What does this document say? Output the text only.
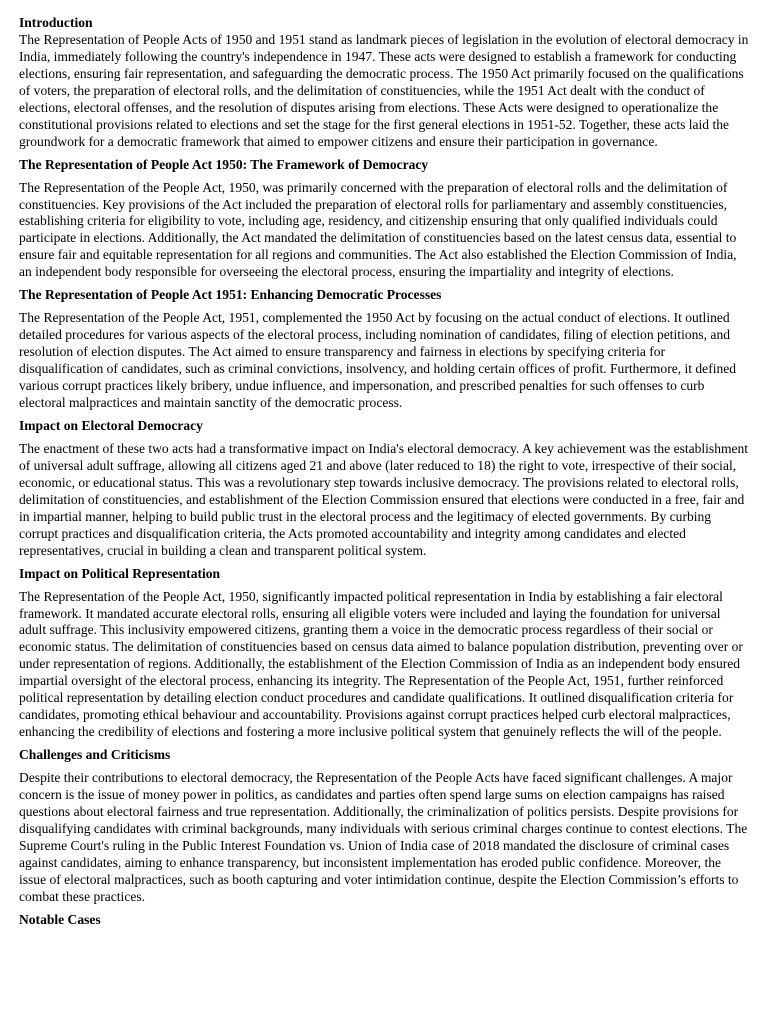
Introduction
The Representation of People Acts of 1950 and 1951 stand as landmark pieces of legislation in the evolution of electoral democracy in India, immediately following the country's independence in 1947. These acts were designed to establish a framework for conducting elections, ensuring fair representation, and safeguarding the democratic process. The 1950 Act primarily focused on the qualifications of voters, the preparation of electoral rolls, and the delimitation of constituencies, while the 1951 Act dealt with the conduct of elections, electoral offenses, and the resolution of disputes arising from elections. These Acts were designed to operationalize the constitutional provisions related to elections and set the stage for the first general elections in 1951-52. Together, these acts laid the groundwork for a democratic framework that aimed to empower citizens and ensure their participation in governance.
The Representation of People Act 1950: The Framework of Democracy
The Representation of the People Act, 1950, was primarily concerned with the preparation of electoral rolls and the delimitation of constituencies. Key provisions of the Act included the preparation of electoral rolls for parliamentary and assembly constituencies, establishing criteria for eligibility to vote, including age, residency, and citizenship ensuring that only qualified individuals could participate in elections. Additionally, the Act mandated the delimitation of constituencies based on the latest census data, essential to ensure fair and equitable representation for all regions and communities. The Act also established the Election Commission of India, an independent body responsible for overseeing the electoral process, ensuring the impartiality and integrity of elections.
The Representation of People Act 1951: Enhancing Democratic Processes
The Representation of the People Act, 1951, complemented the 1950 Act by focusing on the actual conduct of elections. It outlined detailed procedures for various aspects of the electoral process, including nomination of candidates, filing of election petitions, and resolution of election disputes. The Act aimed to ensure transparency and fairness in elections by specifying criteria for disqualification of candidates, such as criminal convictions, insolvency, and holding certain offices of profit. Furthermore, it defined various corrupt practices likely bribery, undue influence, and impersonation, and prescribed penalties for such offenses to curb electoral malpractices and maintain sanctity of the democratic process.
Impact on Electoral Democracy
The enactment of these two acts had a transformative impact on India's electoral democracy. A key achievement was the establishment of universal adult suffrage, allowing all citizens aged 21 and above (later reduced to 18) the right to vote, irrespective of their social, economic, or educational status. This was a revolutionary step towards inclusive democracy. The provisions related to electoral rolls, delimitation of constituencies, and establishment of the Election Commission ensured that elections were conducted in a free, fair and in impartial manner, helping to build public trust in the electoral process and the legitimacy of elected governments. By curbing corrupt practices and disqualification criteria, the Acts promoted accountability and integrity among candidates and elected representatives, crucial in building a clean and transparent political system.
Impact on Political Representation
The Representation of the People Act, 1950, significantly impacted political representation in India by establishing a fair electoral framework. It mandated accurate electoral rolls, ensuring all eligible voters were included and laying the foundation for universal adult suffrage. This inclusivity empowered citizens, granting them a voice in the democratic process regardless of their social or economic status. The delimitation of constituencies based on census data aimed to balance population distribution, preventing over or under representation of regions. Additionally, the establishment of the Election Commission of India as an independent body ensured impartial oversight of the electoral process, enhancing its integrity. The Representation of the People Act, 1951, further reinforced political representation by detailing election conduct procedures and candidate qualifications. It outlined disqualification criteria for candidates, promoting ethical behaviour and accountability. Provisions against corrupt practices helped curb electoral malpractices, enhancing the credibility of elections and fostering a more inclusive political system that genuinely reflects the will of the people.
Challenges and Criticisms
Despite their contributions to electoral democracy, the Representation of the People Acts have faced significant challenges. A major concern is the issue of money power in politics, as candidates and parties often spend large sums on election campaigns has raised questions about electoral fairness and true representation. Additionally, the criminalization of politics persists. Despite provisions for disqualifying candidates with criminal backgrounds, many individuals with serious criminal charges continue to contest elections. The Supreme Court's ruling in the Public Interest Foundation vs. Union of India case of 2018 mandated the disclosure of criminal cases against candidates, aiming to enhance transparency, but inconsistent implementation has eroded public confidence. Moreover, the issue of electoral malpractices, such as booth capturing and voter intimidation continue, despite the Election Commission’s efforts to combat these practices.
Notable Cases
